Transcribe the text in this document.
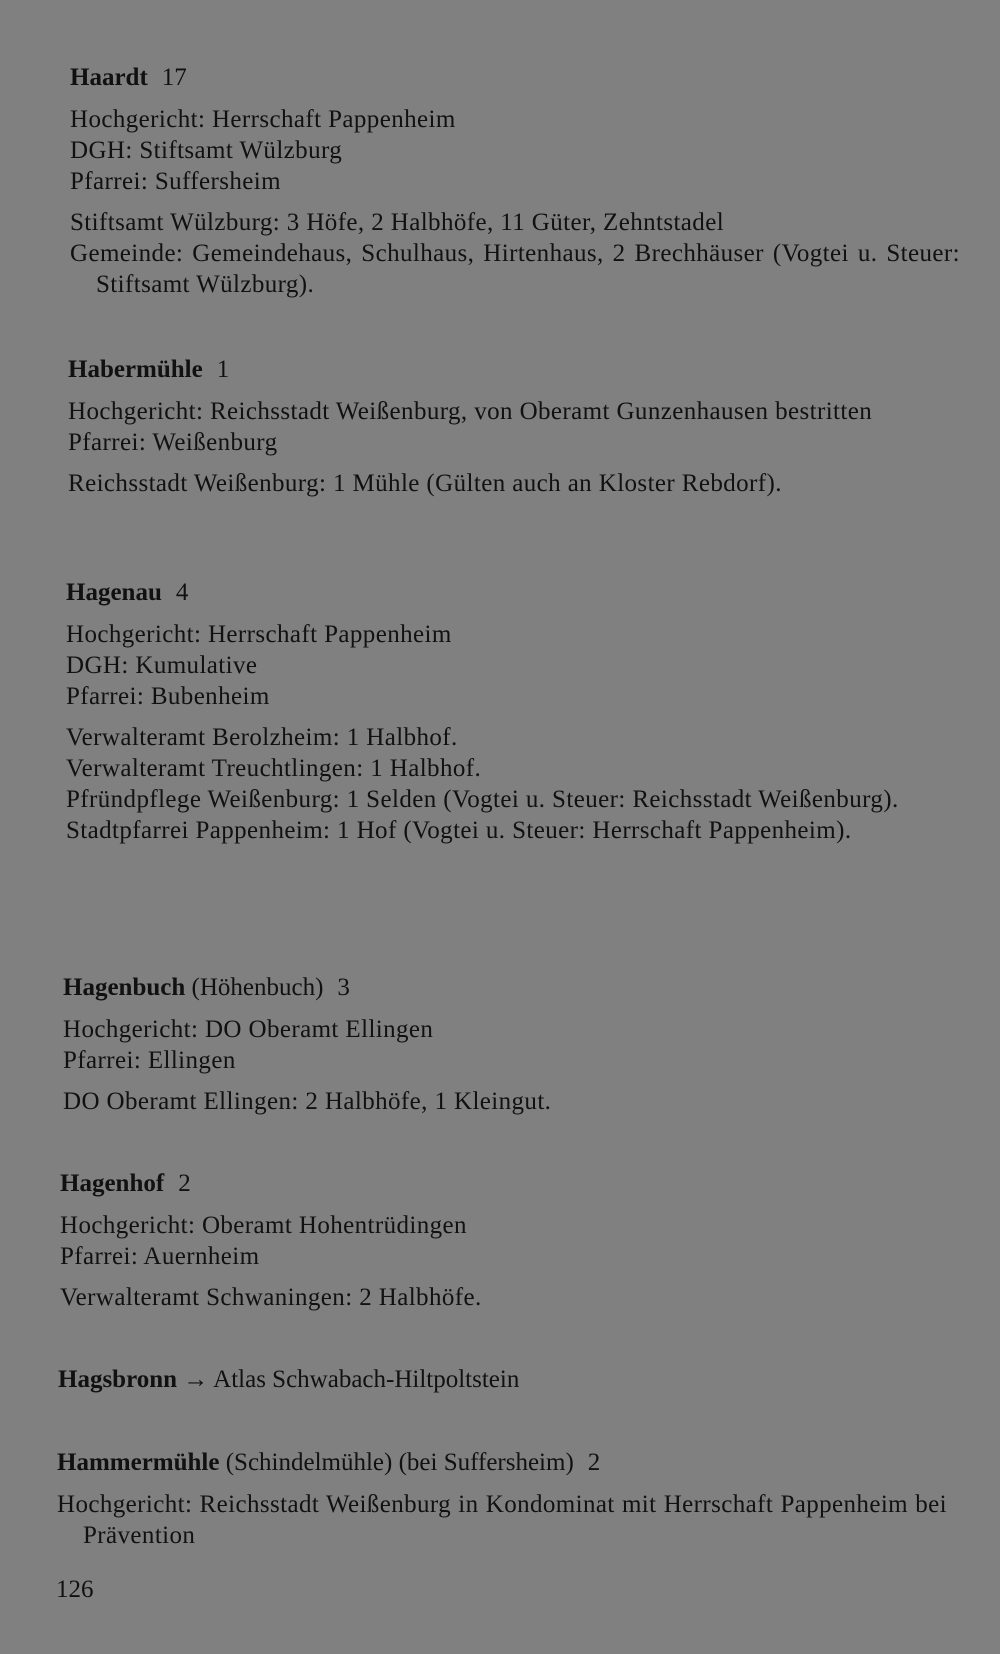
Haardt 17
Hochgericht: Herrschaft Pappenheim
DGH: Stiftsamt Wülzburg
Pfarrei: Suffersheim
Stiftsamt Wülzburg: 3 Höfe, 2 Halbhöfe, 11 Güter, Zehntstadel
Gemeinde: Gemeindehaus, Schulhaus, Hirtenhaus, 2 Brechhäuser (Vogtei u. Steuer: Stiftsamt Wülzburg).
Habermühle 1
Hochgericht: Reichsstadt Weißenburg, von Oberamt Gunzenhausen bestritten
Pfarrei: Weißenburg
Reichsstadt Weißenburg: 1 Mühle (Gülten auch an Kloster Rebdorf).
Hagenau 4
Hochgericht: Herrschaft Pappenheim
DGH: Kumulative
Pfarrei: Bubenheim
Verwalteramt Berolzheim: 1 Halbhof.
Verwalteramt Treuchtlingen: 1 Halbhof.
Pfründpflege Weißenburg: 1 Selden (Vogtei u. Steuer: Reichsstadt Weißenburg).
Stadtpfarrei Pappenheim: 1 Hof (Vogtei u. Steuer: Herrschaft Pappenheim).
Hagenbuch (Höhenbuch) 3
Hochgericht: DO Oberamt Ellingen
Pfarrei: Ellingen
DO Oberamt Ellingen: 2 Halbhöfe, 1 Kleingut.
Hagenhof 2
Hochgericht: Oberamt Hohentrüdingen
Pfarrei: Auernheim
Verwalteramt Schwaningen: 2 Halbhöfe.
Hagsbronn → Atlas Schwabach-Hiltpoltstein
Hammermühle (Schindelmühle) (bei Suffersheim) 2
Hochgericht: Reichsstadt Weißenburg in Kondominat mit Herrschaft Pappenheim bei Prävention
126
